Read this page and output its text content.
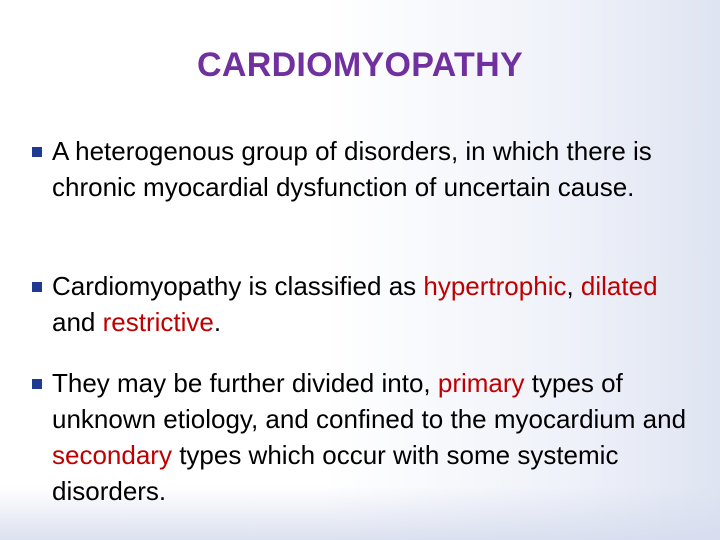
CARDIOMYOPATHY
A heterogenous group of disorders, in which there is chronic myocardial dysfunction of uncertain cause.
Cardiomyopathy is classified as hypertrophic, dilated and restrictive.
They may be further divided into, primary types of unknown etiology, and confined to the myocardium and secondary types which occur with some systemic disorders.
